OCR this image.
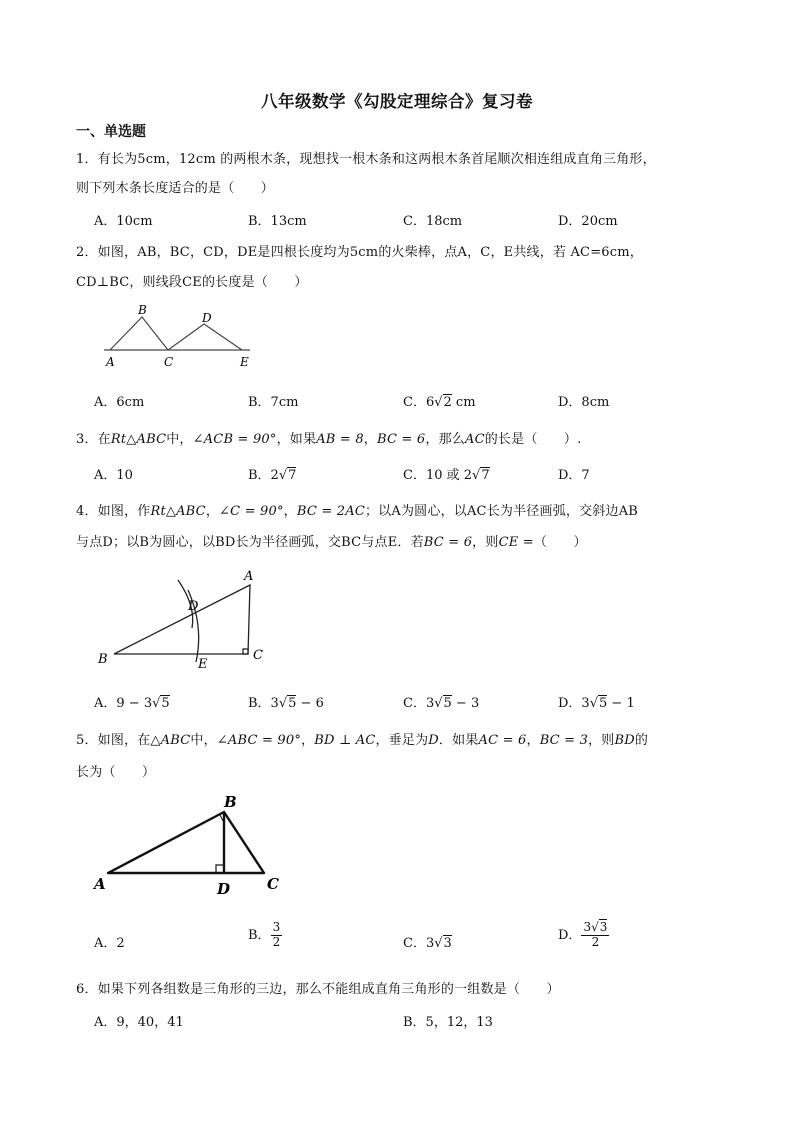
八年级数学《勾股定理综合》复习卷
一、单选题
1．有长为5cm，12cm 的两根木条，现想找一根木条和这两根木条首尾顺次相连组成直角三角形，
则下列木条长度适合的是（　　）
A．10cm	B．13cm	C．18cm	D．20cm
2．如图，AB，BC，CD，DE是四根长度均为5cm的火柴棒，点A，C，E共线，若 AC=6cm，
CD⊥BC，则线段CE的长度是（　　）
B
D
A	C	E
A．6cm	B．7cm	C．6√2 cm	D．8cm
3．在Rt△ABC中，∠ACB = 90°，如果AB = 8，BC = 6，那么AC的长是（　　）.
A．10	B．2√7	C．10 或 2√7	D．7
4．如图，作Rt△ABC，∠C = 90°，BC = 2AC；以A为圆心，以AC长为半径画弧，交斜边AB
与点D；以B为圆心，以BD长为半径画弧，交BC与点E．若BC = 6，则CE =（　　）
A
D
B	E
C
A．9 − 3√5	B．3√5 − 6	C．3√5 − 3	D．3√5 − 1
5．如图，在△ABC中，∠ABC = 90°，BD ⊥ AC，垂足为D．如果AC = 6，BC = 3，则BD的
长为（　　）
B
A	D C
A．2
B． $\frac{3}{2}$	C．3√3
D． $\frac{3√3}{2}$
6．如果下列各组数是三角形的三边，那么不能组成直角三角形的一组数是（　　）
A．9，40，41	B．5，12，13
